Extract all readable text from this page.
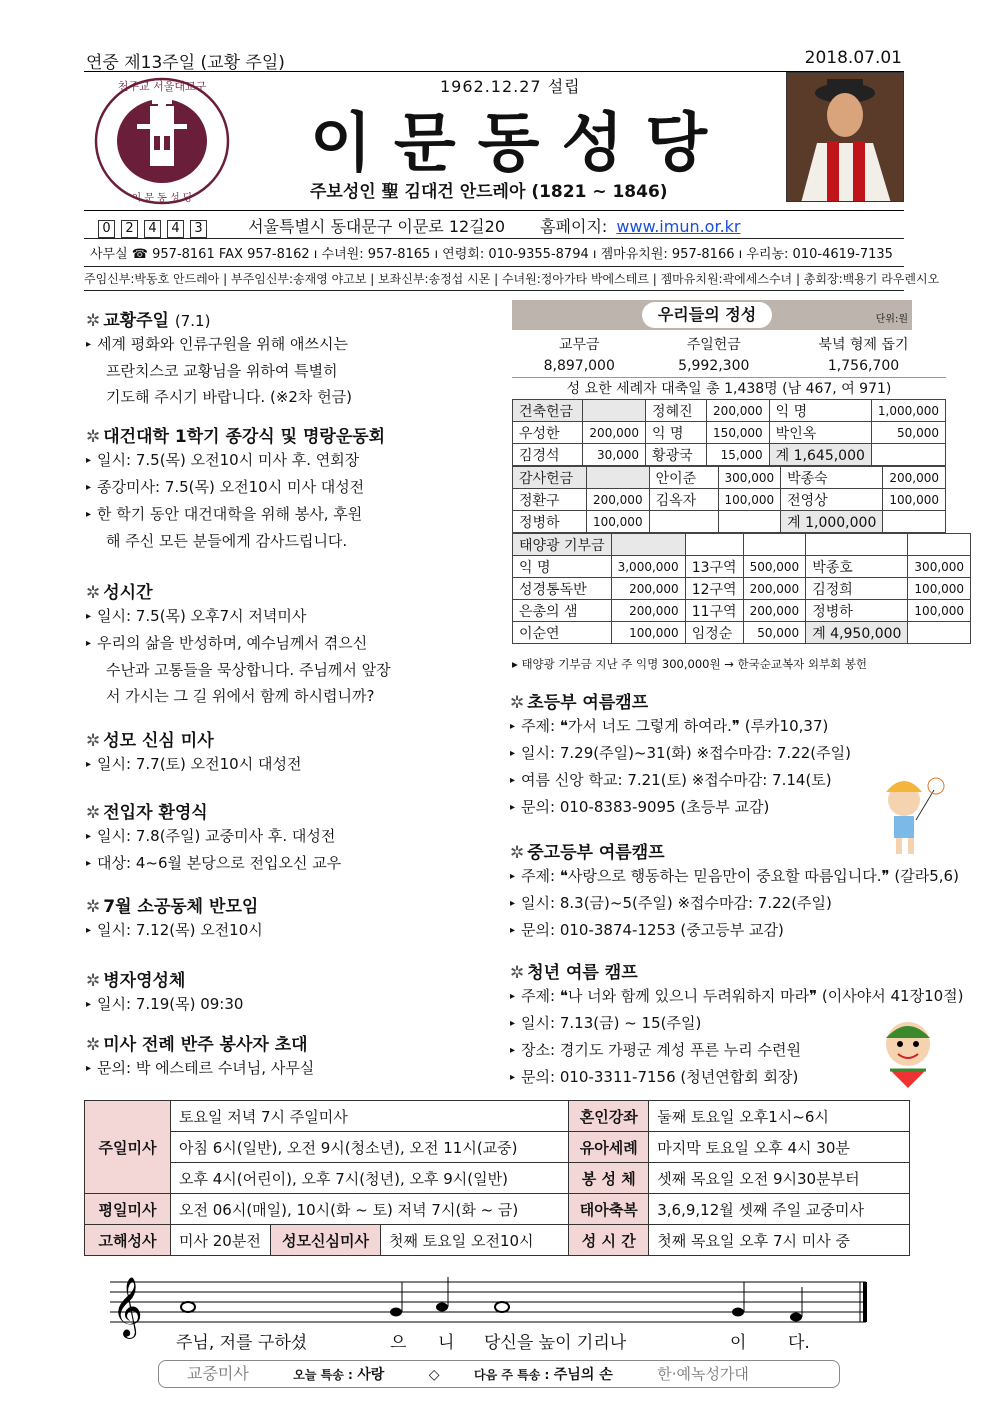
연중 제13주일 (교황 주일)	2018.07.01
천주교 서울대교구
이 문 동 성 당
1962.12.27 설립
이문동성당
주보성인 聖 김대건 안드레아 (1821 ~ 1846)
0 2 4 4 3	서울특별시 동대문구 이문로 12길20 홈페이지: www.imun.or.kr
사무실 ☎ 957-8161 FAX 957-8162 ı 수녀원: 957-8165 ı 연령회: 010-9355-8794 ı 젬마유치원: 957-8166 ı 우리농: 010-4619-7135
주임신부:박동호 안드레아 | 부주임신부:송재영 야고보 | 보좌신부:송정섭 시몬 | 수녀원:정아가타 박에스테르 | 젬마유치원:곽에세스수녀 | 총회장:백용기 라우렌시오
✲ 교황주일 (7.1)
▸ 세계 평화와 인류구원을 위해 애쓰시는
프란치스코 교황님을 위하여 특별히
기도해 주시기 바랍니다. (※2차 헌금)
✲ 대건대학 1학기 종강식 및 명랑운동회
▸ 일시: 7.5(목) 오전10시 미사 후. 연회장
▸ 종강미사: 7.5(목) 오전10시 미사 대성전
▸ 한 학기 동안 대건대학을 위해 봉사, 후원
해 주신 모든 분들에게 감사드립니다.
✲ 성시간
▸ 일시: 7.5(목) 오후7시 저녁미사
▸ 우리의 삶을 반성하며, 예수님께서 겪으신
수난과 고통들을 묵상합니다. 주님께서 앞장
서 가시는 그 길 위에서 함께 하시렵니까?
✲ 성모 신심 미사
▸ 일시: 7.7(토) 오전10시 대성전
✲ 전입자 환영식
▸ 일시: 7.8(주일) 교중미사 후. 대성전
▸ 대상: 4~6월 본당으로 전입오신 교우
✲ 7월 소공동체 반모임
▸ 일시: 7.12(목) 오전10시
✲ 병자영성체
▸ 일시: 7.19(목) 09:30
✲ 미사 전례 반주 봉사자 초대
▸ 문의: 박 에스테르 수녀님, 사무실
우리들의 정성	단위:원
교무금	주일헌금	북녘 형제 돕기
8,897,000	5,992,300	1,756,700
성 요한 세례자 대축일 총 1,438명 (남 467, 여 971)		
건축헌금		정혜진	200,000	익 명	1,000,000
우성한	200,000	익 명	150,000	박인옥	50,000
김경석	30,000	황광국	15,000	계 1,645,000	
감사헌금		안이준	300,000	박종숙	200,000
정환구	200,000	김옥자	100,000	전영상	100,000
정병하	100,000			계 1,000,000	
태양광 기부금					
익 명	3,000,000	13구역	500,000	박종호	300,000
성경통독반	200,000	12구역	200,000	김정희	100,000
은총의 샘	200,000	11구역	200,000	정병하	100,000
이순연	100,000	임정순	50,000	계 4,950,000	
▸ 태양광 기부금 지난 주 익명 300,000원 → 한국순교복자 외부회 봉헌
✲ 초등부 여름캠프
▸ 주제: ❝가서 너도 그렇게 하여라.❞ (루카10,37)
▸ 일시: 7.29(주일)~31(화) ※접수마감: 7.22(주일)
▸ 여름 신앙 학교: 7.21(토) ※접수마감: 7.14(토)
▸ 문의: 010-8383-9095 (초등부 교감)
✲ 중고등부 여름캠프
▸ 주제: ❝사랑으로 행동하는 믿음만이 중요할 따름입니다.❞ (갈라5,6)
▸ 일시: 8.3(금)~5(주일) ※접수마감: 7.22(주일)
▸ 문의: 010-3874-1253 (중고등부 교감)
✲ 청년 여름 캠프
▸ 주제: ❝나 너와 함께 있으니 두려워하지 마라❞ (이사야서 41장10절)
▸ 일시: 7.13(금) ~ 15(주일)
▸ 장소: 경기도 가평군 계성 푸른 누리 수련원
▸ 문의: 010-3311-7156 (청년연합회 회장)
주일미사	토요일 저녁 7시 주일미사			혼인강좌	둘째 토요일 오후1시~6시
	아침 6시(일반), 오전 9시(청소년), 오전 11시(교중)			유아세례	마지막 토요일 오후 4시 30분
	오후 4시(어린이), 오후 7시(청년), 오후 9시(일반)			봉 성 체	셋째 목요일 오전 9시30분부터
평일미사	오전 06시(매일), 10시(화 ~ 토) 저녁 7시(화 ~ 금)			태아축복	3,6,9,12월 셋째 주일 교중미사
고해성사	미사 20분전	성모신심미사	첫째 토요일 오전10시	성 시 간	첫째 목요일 오후 7시 미사 중
𝄞
주님, 저를 구하셨	으 니 당신을 높이 기리나	이 다.
교중미사	오늘 특송 : 사랑	◇	다음 주 특송 : 주님의 손	한·예녹성가대
